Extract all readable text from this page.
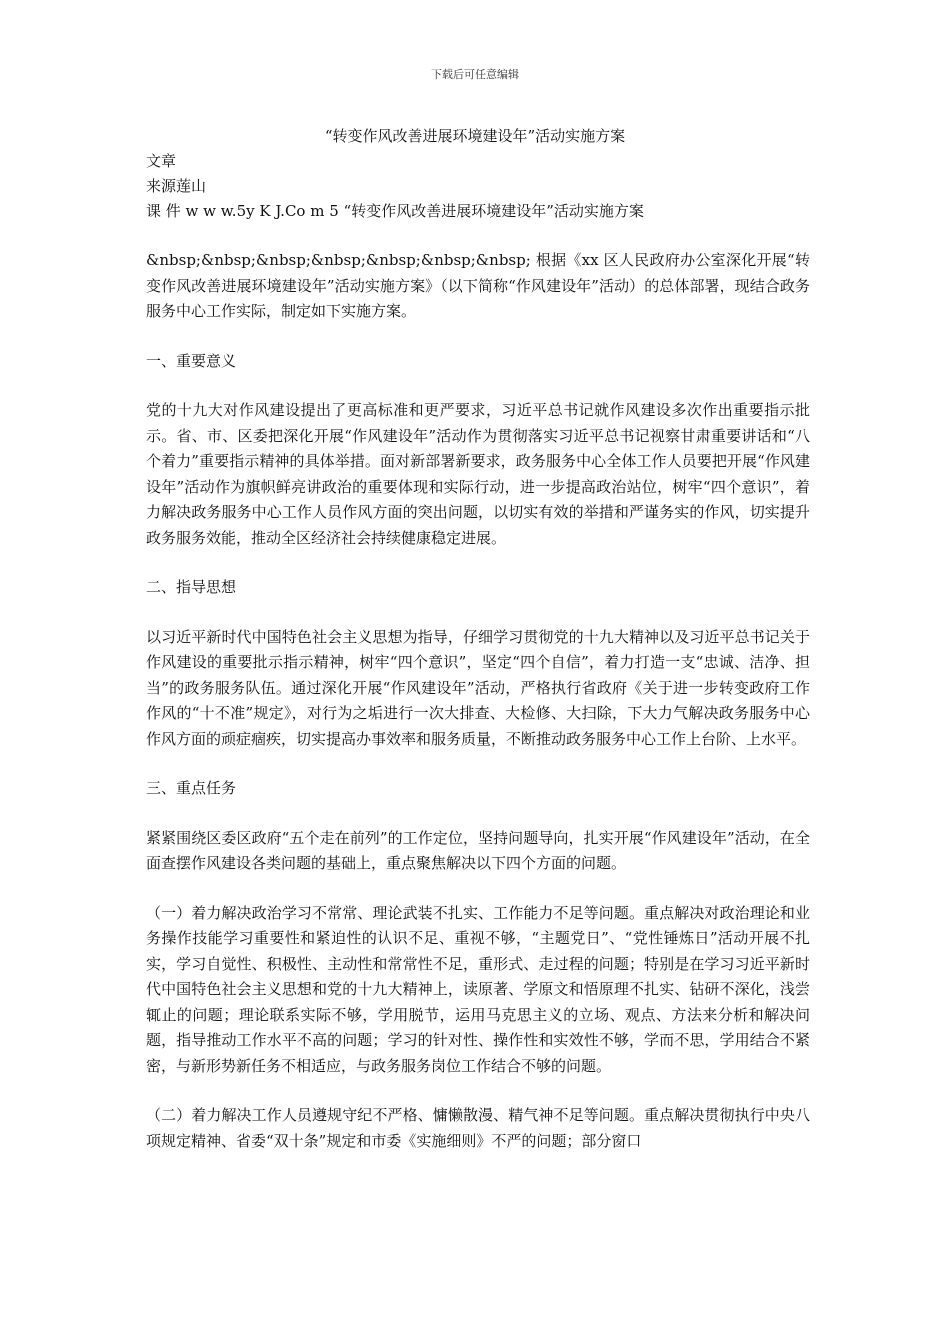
下载后可任意编辑
“转变作风改善进展环境建设年”活动实施方案
文章
来源莲山
课 件 w w w.5y K J.Co m 5 “转变作风改善进展环境建设年”活动实施方案

&nbsp;&nbsp;&nbsp;&nbsp;&nbsp;&nbsp;&nbsp; 根据《xx 区人民政府办公室深化开展“转变作风改善进展环境建设年”活动实施方案》（以下简称“作风建设年”活动）的总体部署，现结合政务服务中心工作实际，制定如下实施方案。

一、重要意义

党的十九大对作风建设提出了更高标准和更严要求，习近平总书记就作风建设多次作出重要指示批示。省、市、区委把深化开展“作风建设年”活动作为贯彻落实习近平总书记视察甘肃重要讲话和“八个着力”重要指示精神的具体举措。面对新部署新要求，政务服务中心全体工作人员要把开展“作风建设年”活动作为旗帜鲜亮讲政治的重要体现和实际行动，进一步提高政治站位，树牢“四个意识”，着力解决政务服务中心工作人员作风方面的突出问题，以切实有效的举措和严谨务实的作风，切实提升政务服务效能，推动全区经济社会持续健康稳定进展。

二、指导思想

以习近平新时代中国特色社会主义思想为指导，仔细学习贯彻党的十九大精神以及习近平总书记关于作风建设的重要批示指示精神，树牢“四个意识”，坚定“四个自信”，着力打造一支“忠诚、洁净、担当”的政务服务队伍。通过深化开展“作风建设年”活动，严格执行省政府《关于进一步转变政府工作作风的“十不准”规定》，对行为之垢进行一次大排查、大检修、大扫除，下大力气解决政务服务中心作风方面的顽症痼疾，切实提高办事效率和服务质量，不断推动政务服务中心工作上台阶、上水平。

三、重点任务

紧紧围绕区委区政府“五个走在前列”的工作定位，坚持问题导向，扎实开展“作风建设年”活动，在全面查摆作风建设各类问题的基础上，重点聚焦解决以下四个方面的问题。

（一）着力解决政治学习不常常、理论武装不扎实、工作能力不足等问题。重点解决对政治理论和业务操作技能学习重要性和紧迫性的认识不足、重视不够，“主题党日”、“党性锤炼日”活动开展不扎实，学习自觉性、积极性、主动性和常常性不足，重形式、走过程的问题；特别是在学习习近平新时代中国特色社会主义思想和党的十九大精神上，读原著、学原文和悟原理不扎实、钻研不深化，浅尝辄止的问题；理论联系实际不够，学用脱节，运用马克思主义的立场、观点、方法来分析和解决问题，指导推动工作水平不高的问题；学习的针对性、操作性和实效性不够，学而不思，学用结合不紧密，与新形势新任务不相适应，与政务服务岗位工作结合不够的问题。

（二）着力解决工作人员遵规守纪不严格、慵懒散漫、精气神不足等问题。重点解决贯彻执行中央八项规定精神、省委“双十条”规定和市委《实施细则》不严的问题；部分窗口
